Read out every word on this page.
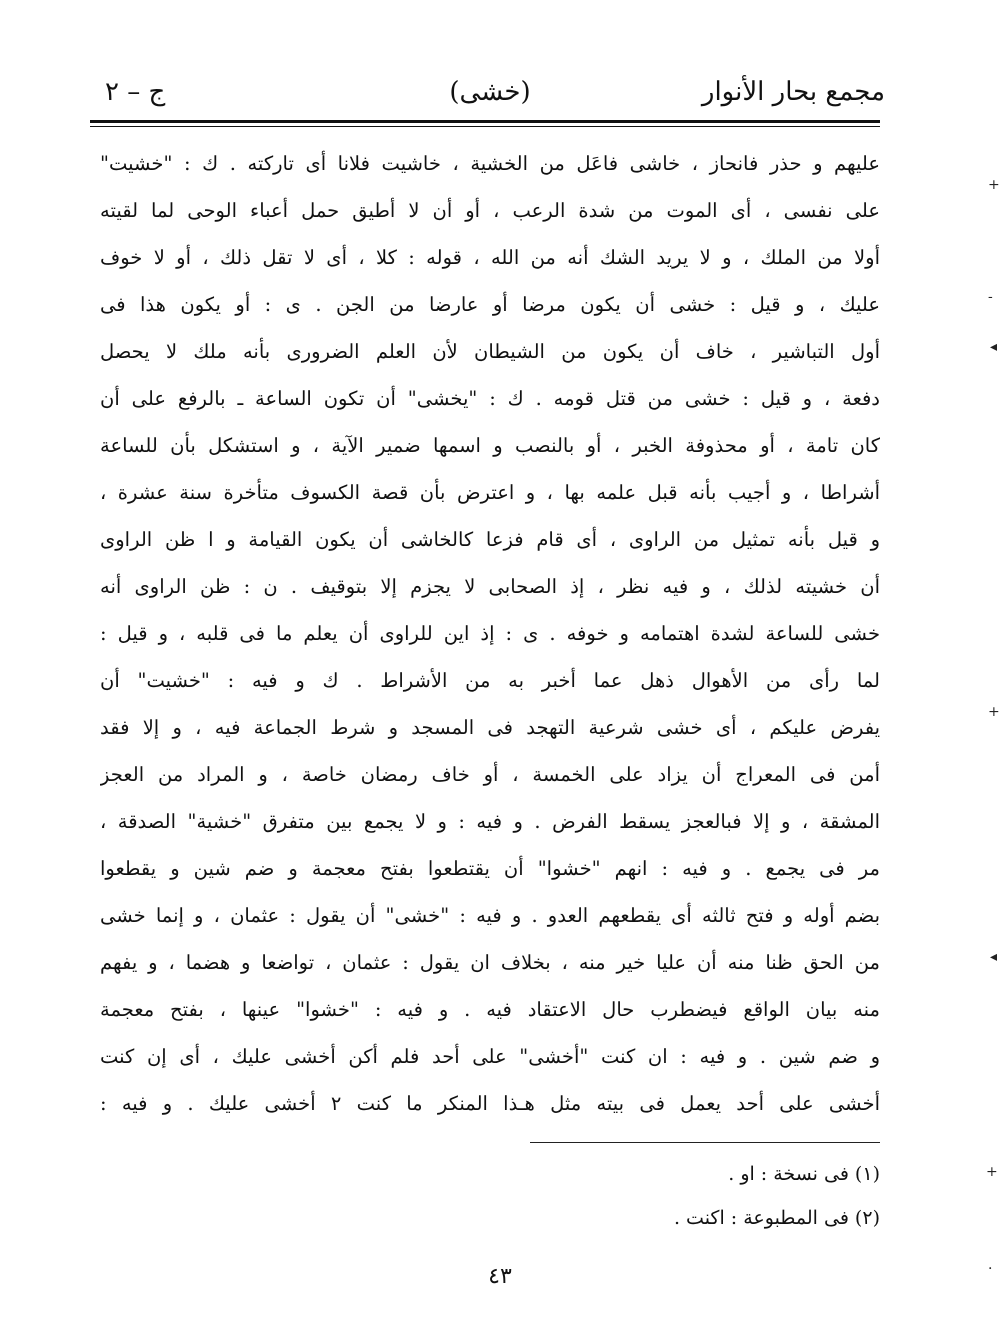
مجمع بحار الأنوار
(خشى)
ج – ٢
عليهم و حذر فانحاز ، خاشى فاعَل من الخشية ، خاشيت فلانا أى تاركته . ك : "خشيت"
على نفسى ، أى الموت من شدة الرعب ، أو أن لا أطيق حمل أعباء الوحى لما لقيته
أولا من الملك ، و لا يريد الشك أنه من الله ، قوله : كلا ، أى لا تقل ذلك ، أو لا خوف
عليك ، و قيل : خشى أن يكون مرضا أو عارضا من الجن . ى : أو يكون هذا فى
أول التباشير ، خاف أن يكون من الشيطان لأن العلم الضرورى بأنه ملك لا يحصل
دفعة ، و قيل : خشى من قتل قومه . ك : "يخشى" أن تكون الساعة ـ بالرفع على أن
كان تامة ، أو محذوفة الخبر ، أو بالنصب و اسمها ضمير الآية ، و استشكل بأن للساعة
أشراطا ، و أجيب بأنه قبل علمه بها ، و اعترض بأن قصة الكسوف متأخرة سنة عشرة ،
و قيل بأنه تمثيل من الراوى ، أى قام فزعا كالخاشى أن يكون القيامة و ا ظن الراوى
أن خشيته لذلك ، و فيه نظر ، إذ الصحابى لا يجزم إلا بتوقيف . ن : ظن الراوى أنه
خشى للساعة لشدة اهتمامه و خوفه . ى : إذ اين للراوى أن يعلم ما فى قلبه ، و قيل :
لما رأى من الأهوال ذهل عما أخبر به من الأشراط . ك و فيه : "خشيت" أن
يفرض عليكم ، أى خشى شرعية التهجد فى المسجد و شرط الجماعة فيه ، و إلا فقد
أمن فى المعراج أن يزاد على الخمسة ، أو خاف رمضان خاصة ، و المراد من العجز
المشقة ، و إلا فبالعجز يسقط الفرض . و فيه : و لا يجمع بين متفرق "خشية" الصدقة ،
مر فى يجمع . و فيه : انهم "خشوا" أن يقتطعوا بفتح معجمة و ضم شين و يقطعوا
بضم أوله و فتح ثالثه أى يقطعهم العدو . و فيه : "خشى" أن يقول : عثمان ، و إنما خشى
من الحق ظنا منه أن عليا خير منه ، بخلاف ان يقول : عثمان ، تواضعا و هضما ، و يفهم
منه بيان الواقع فيضطرب حال الاعتقاد فيه . و فيه : "خشوا" عينها ، بفتح معجمة
و ضم شين . و فيه : ان كنت "أخشى" على أحد فلم أكن أخشى عليك ، أى إن كنت
أخشى على أحد يعمل فى بيته مثل هـذا المنكر ما كنت ٢ أخشى عليك . و فيه :
(١) فى نسخة : او .
(٢) فى المطبوعة : اكنت .
٤٣
+
-
◂
+
◂
+
·
